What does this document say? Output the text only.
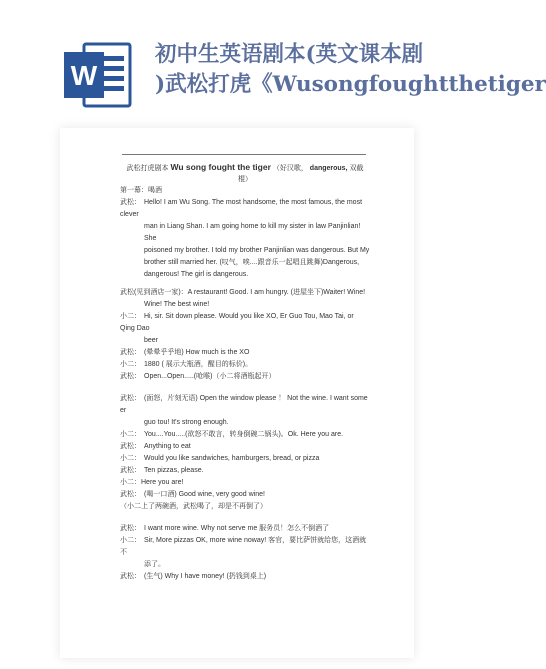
W
初中生英语剧本(英文课本剧
)武松打虎《Wusongfoughtthetiger
武松打虎剧本 Wu song fought the tiger （好汉歌， dangerous, 双截
棍）
第一幕：喝酒
武松： Hello! I am Wu Song. The most handsome, the most famous, the most clever
man in Liang Shan. I am going home to kill my sister in law Panjinlian! She
poisoned my brother. I told my brother Panjinlian was dangerous. But My
brother still married her. (叹气，唉....跟音乐一起唱且跳舞)Dangerous,
dangerous! The girl is dangerous.
武松(见到酒店一家)：A restaurant! Good. I am hungry. (进屋坐下)Waiter! Wine!
Wine! The best wine!
小二： Hi, sir. Sit down please. Would you like XO, Er Guo Tou, Mao Tai, or Qing Dao
beer
武松： (晕晕乎乎地) How much is the XO
小二： 1880 ( 展示大瓶酒，醒目的标价)。
武松： Open...Open.....(呛喉)（小二将酒瓶起开）
武松： (面怒，片刻无语) Open the window please ！ Not the wine. I want some er
guo tou! It's strong enough.
小二： You....You.....(欲怒不敢言，转身倒碗二锅头)。Ok. Here you are.
武松： Anything to eat
小二： Would you like sandwiches, hamburgers, bread, or pizza
武松： Ten pizzas, please.
小二：Here you are!
武松： (喝一口酒) Good wine, very good wine!
（小二上了两碗酒，武松喝了，却是不再倒了）
武松： I want more wine. Why not serve me 服务员！怎么不倒酒了
小二： Sir, More pizzas OK, more wine noway! 客官，要比萨饼就给您，这酒就不
添了。
武松： (生气) Why I have money! (扔钱到桌上)
